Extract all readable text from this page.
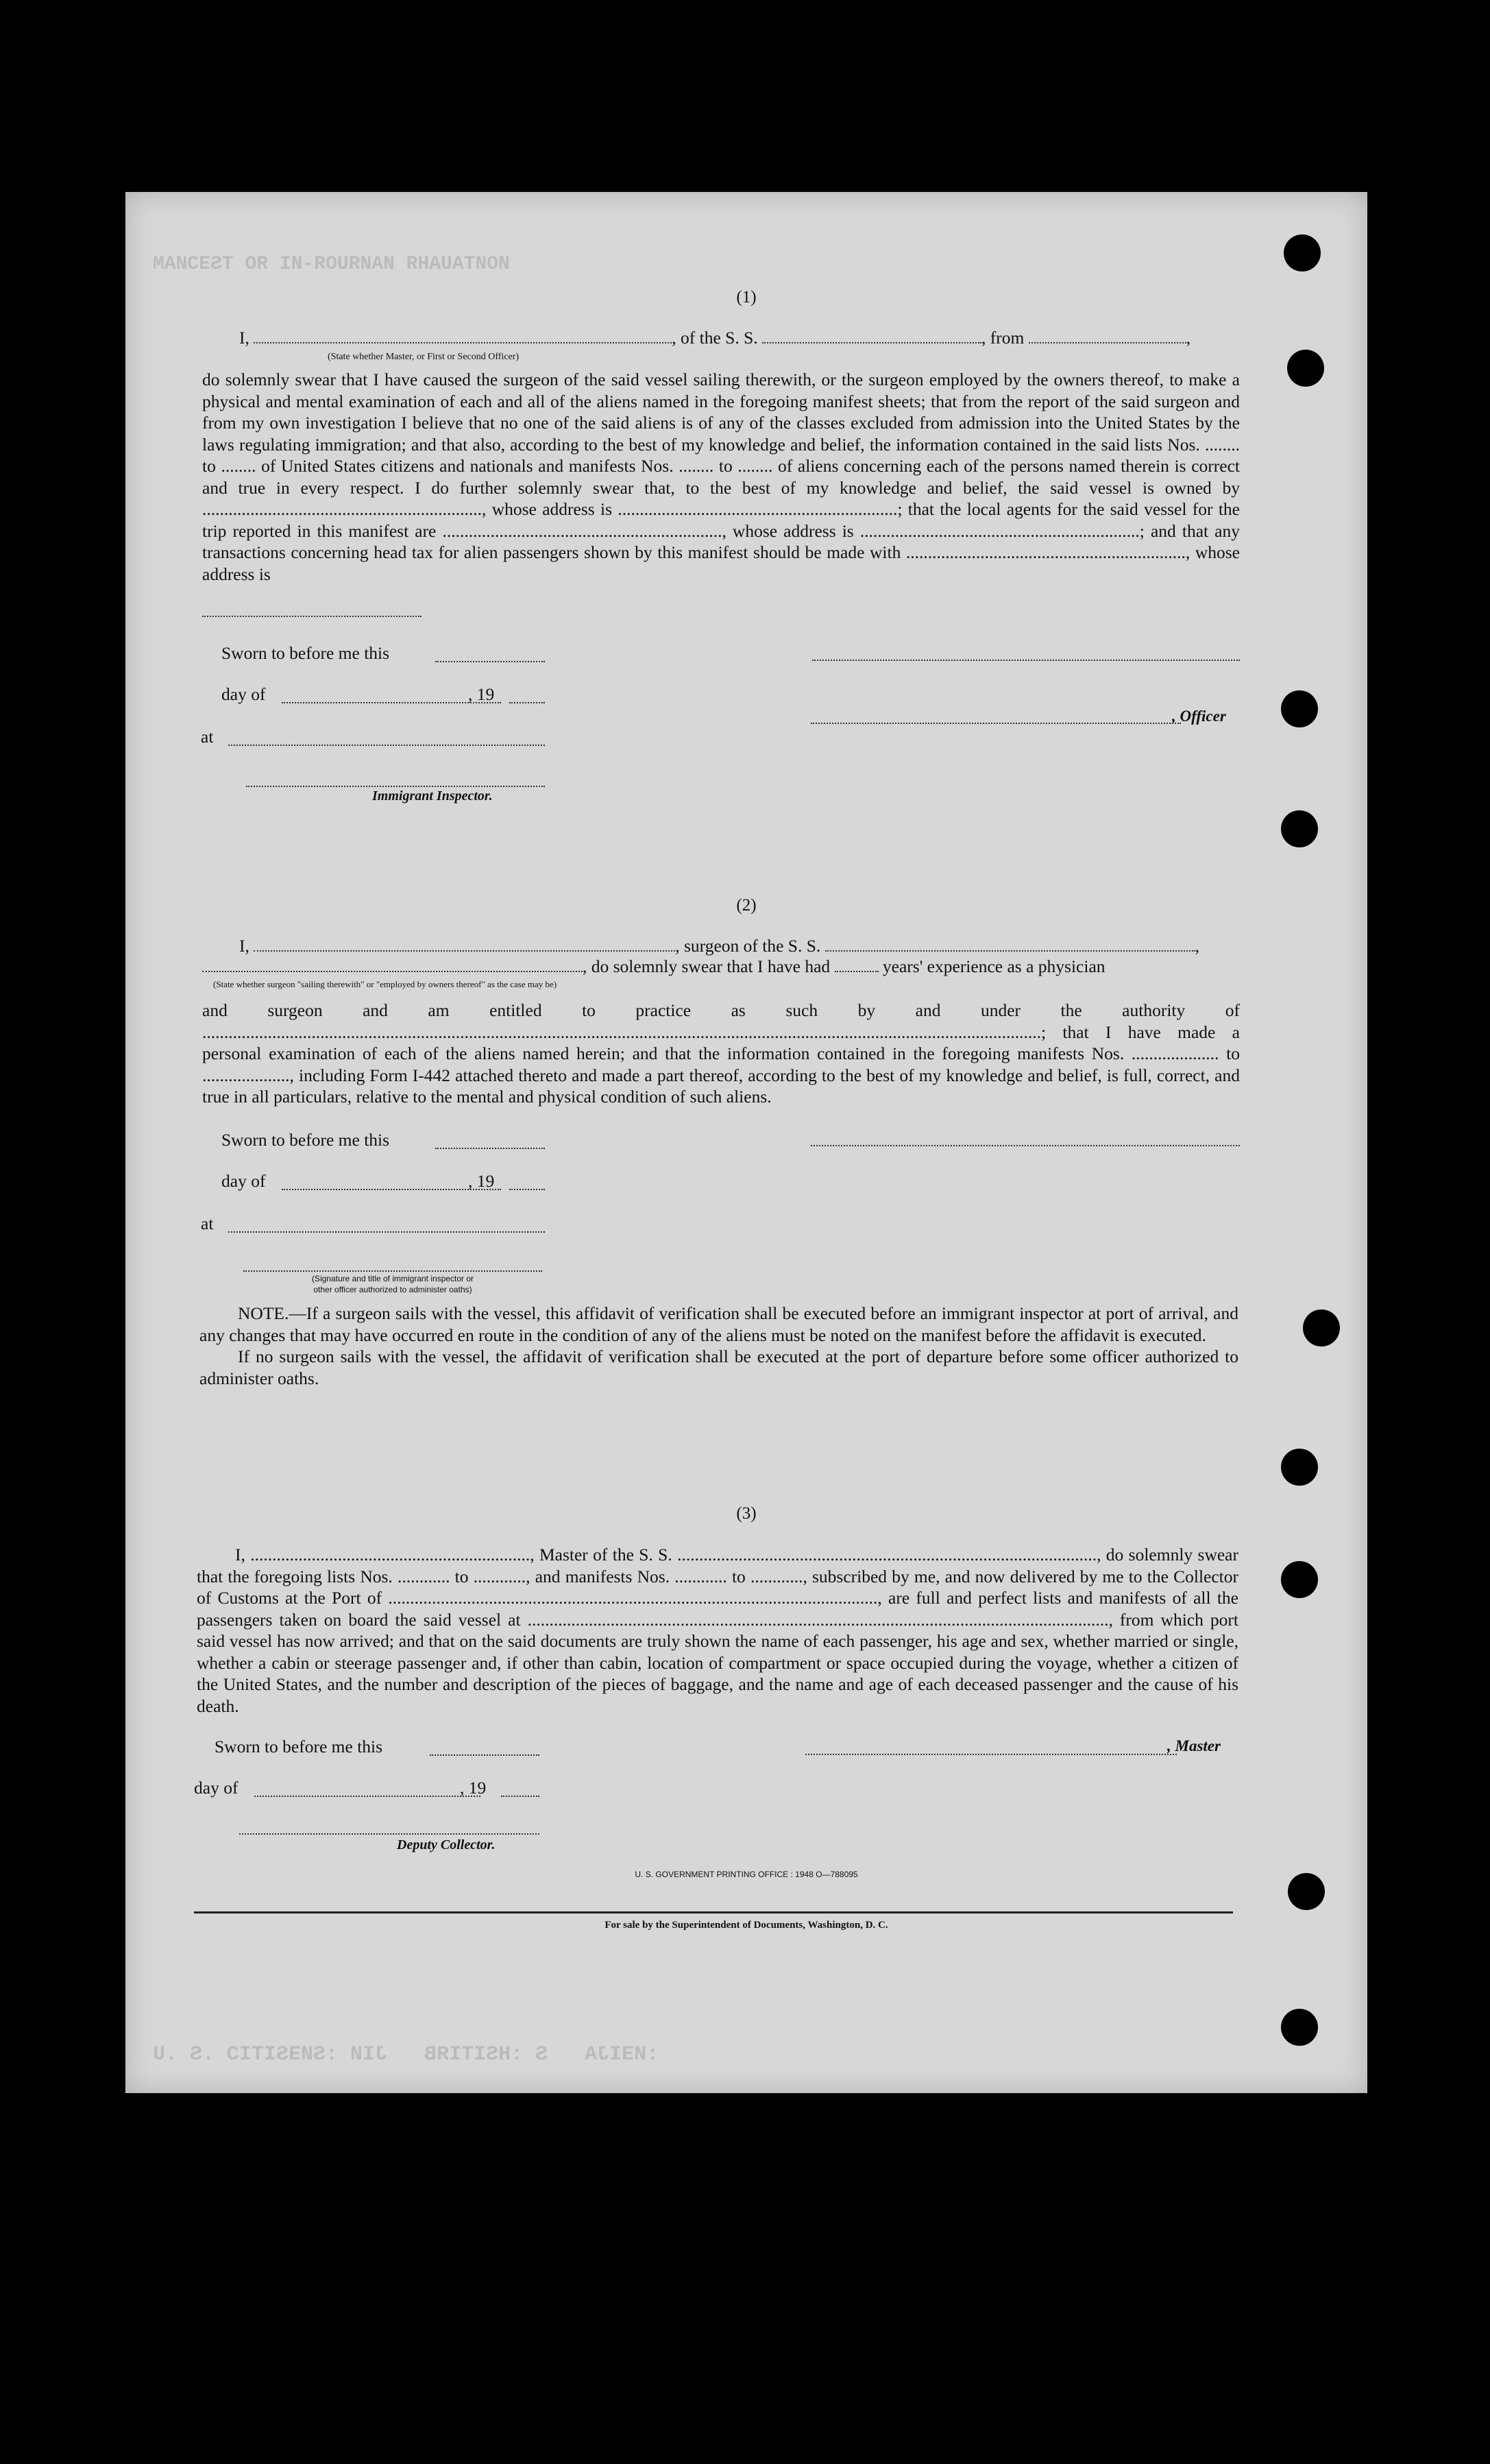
ИОИТAUAHЯ ИАИЯUOЯ-ИI ЯO TSƎƆИAM
:ИƎIJA   S :HSITIЯB   JIИ :SИƎSITIƆ .S .U
(1)
I,	, of the S. S.	, from	,
(State whether Master, or First or Second Officer)
do solemnly swear that I have caused the surgeon of the said vessel sailing therewith, or the surgeon employed by the owners thereof, to make a physical and mental examination of each and all of the aliens named in the foregoing manifest sheets; that from the report of the said surgeon and from my own investigation I believe that no one of the said aliens is of any of the classes excluded from admission into the United States by the laws regulating immigration; and that also, according to the best of my knowledge and belief, the information contained in the said lists Nos. ........ to ........ of United States citizens and nationals and manifests Nos. ........ to ........ of aliens concerning each of the persons named therein is correct and true in every respect. I do further solemnly swear that, to the best of my knowledge and belief, the said vessel is owned by ................................................................, whose address is ................................................................; that the local agents for the said vessel for the trip reported in this manifest are ................................................................, whose address is ................................................................; and that any transactions concerning head tax for alien passengers shown by this manifest should be made with ................................................................, whose address is
Sworn to before me this
day of	, 19
, Officer
at
Immigrant Inspector.
(2)
I,	, surgeon of the S. S.	,
, do solemnly swear that I have had	years' experience as a physician
(State whether surgeon "sailing therewith" or "employed by owners thereof" as the case may be)
and surgeon and am entitled to practice as such by and under the authority of ................................................................................................................................................................................................; that I have made a personal examination of each of the aliens named herein; and that the information contained in the foregoing manifests Nos. .................... to ...................., including Form I-442 attached thereto and made a part thereof, according to the best of my knowledge and belief, is full, correct, and true in all particulars, relative to the mental and physical condition of such aliens.
Sworn to before me this
day of	, 19
at
(Signature and title of immigrant inspector or
other officer authorized to administer oaths)

NOTE.—If a surgeon sails with the vessel, this affidavit of verification shall be executed before an immigrant inspector at port of arrival, and any changes that may have occurred en route in the condition of any of the aliens must be noted on the manifest before the affidavit is executed.

If no surgeon sails with the vessel, the affidavit of verification shall be executed at the port of departure before some officer authorized to administer oaths.

(3)
I, ................................................................, Master of the S. S. ................................................................................................, do solemnly swear that the foregoing lists Nos. ............ to ............, and manifests Nos. ............ to ............, subscribed by me, and now delivered by me to the Collector of Customs at the Port of ................................................................................................................, are full and perfect lists and manifests of all the passengers taken on board the said vessel at ....................................................................................................................................., from which port said vessel has now arrived; and that on the said documents are truly shown the name of each passenger, his age and sex, whether married or single, whether a cabin or steerage passenger and, if other than cabin, location of compartment or space occupied during the voyage, whether a citizen of the United States, and the number and description of the pieces of baggage, and the name and age of each deceased passenger and the cause of his death.
Sworn to before me this	, Master
day of	, 19
Deputy Collector.
U. S. GOVERNMENT PRINTING OFFICE : 1948 O—788095
For sale by the Superintendent of Documents, Washington, D. C.
